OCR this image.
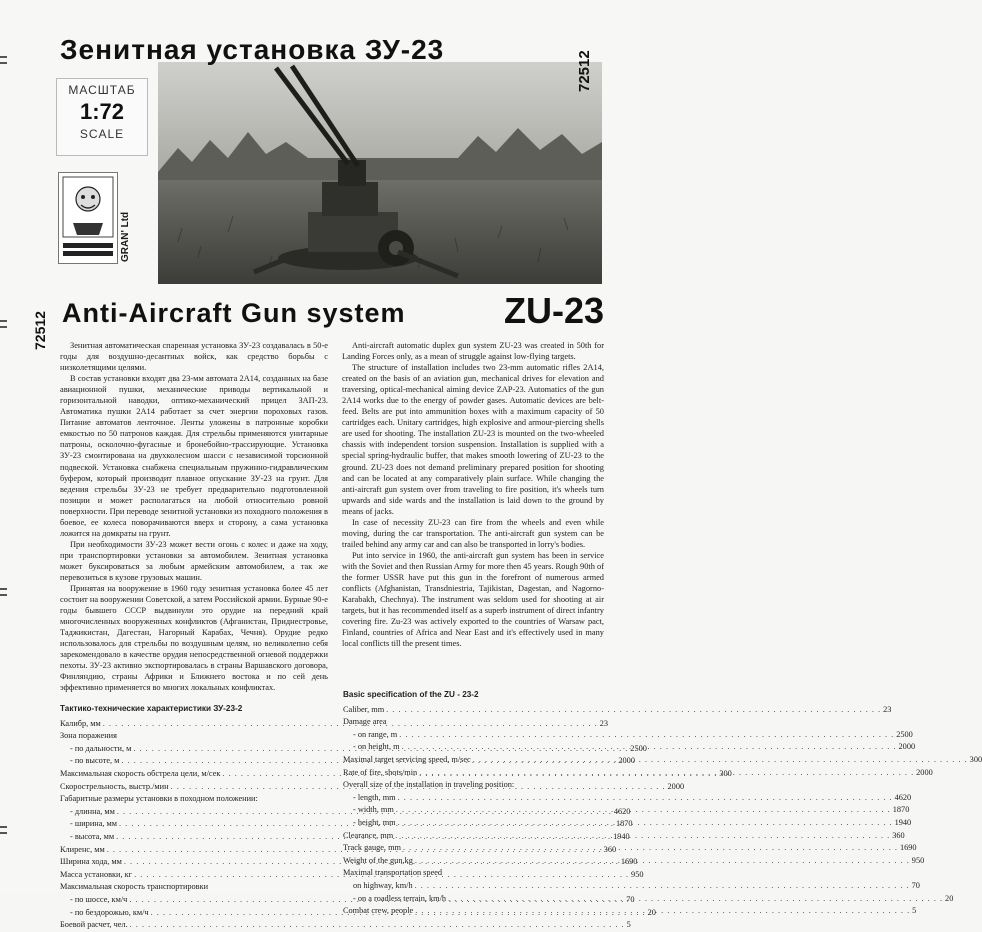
Зенитная установка ЗУ-23
72512
МАСШТАБ
1:72
SCALE
GRAN' Ltd
72512 Anti-Aircraft Gun system	ZU-23

Зенитная автоматическая спаренная установка ЗУ-23 создавалась в 50-е годы для воздушно-десантных войск, как средство борьбы с низколетящими целями.

В состав установки входят два 23-мм автомата 2А14, созданных на базе авиационной пушки, механические приводы вертикальной и горизонтальной наводки, оптико-механический прицел ЗАП-23. Автоматика пушки 2А14 работает за счет энергии пороховых газов. Питание автоматов ленточное. Ленты уложены в патронные коробки емкостью по 50 патронов каждая. Для стрельбы применяются унитарные патроны, осколочно-фугасные и бронебойно-трассирующие. Установка ЗУ-23 смонтирована на двухколесном шасси с независимой торсионной подвеской. Установка снабжена специальным пружинно-гидравлическим буфером, который производит плавное опускание ЗУ-23 на грунт. Для ведения стрельбы ЗУ-23 не требует предварительно подготовленной позиции и может располагаться на любой относительно ровной поверхности. При переводе зенитной установки из походного положения в боевое, ее колеса поворачиваются вверх и сторону, а сама установка ложится на домкраты на грунт.

При необходимости ЗУ-23 может вести огонь с колес и даже на ходу, при транспортировки установки за автомобилем. Зенитная установка может буксироваться за любым армейским автомобилем, а так же перевозиться в кузове грузовых машин.

Принятая на вооружение в 1960 году зенитная установка более 45 лет состоит на вооружении Советской, а затем Российской армии. Бурные 90-е годы бывшего СССР выдвинули это орудие на передний край многочисленных вооруженных конфликтов (Афганистан, Приднестровье, Таджикистан, Дагестан, Нагорный Карабах, Чечня). Орудие редко использовалось для стрельбы по воздушным целям, но великолепно себя зарекомендовало в качестве орудия непосредственной огневой поддержки пехоты. ЗУ-23 активно экспортировалась в страны Варшавского договора, Финляндию, страны Африки и Ближнего востока и по сей день эффективно применяется во многих локальных конфликтах.

Anti-aircraft automatic duplex gun system ZU-23 was created in 50th for Landing Forces only, as a mean of struggle against low-flying targets.

The structure of installation includes two 23-mm automatic rifles 2A14, created on the basis of an aviation gun, mechanical drives for elevation and traversing, optical-mechanical aiming device ZAP-23. Automatics of the gun 2A14 works due to the energy of powder gases. Automatic devices are belt-feed. Belts are put into ammunition boxes with a maximum capacity of 50 cartridges each. Unitary cartridges, high explosive and armour-piercing shells are used for shooting. The installation ZU-23 is mounted on the two-wheeled chassis with independent torsion suspension. Installation is supplied with a special spring-hydraulic buffer, that makes smooth lowering of ZU-23 to the ground. ZU-23 does not demand preliminary prepared position for shooting and can be located at any comparatively plain surface. While changing the anti-aircraft gun system over from traveling to fire position, it's wheels turn upwards and side wards and the installation is laid down to the ground by means of jacks.

In case of necessity ZU-23 can fire from the wheels and even while moving, during the car transportation. The anti-aircraft gun system can be trailed behind any army car and can also be transported in lorry's bodies.

Put into service in 1960, the anti-aircraft gun system has been in service with the Soviet and then Russian Army for more then 45 years. Rough 90th of the former USSR have put this gun in the forefront of numerous armed conflicts (Afghanistan, Transdniestria, Tajikistan, Dagestan, and Nagorno-Karabakh, Chechnya). The instrument was seldom used for shooting at air targets, but it has recommended itself as a superb instrument of direct infantry covering fire. Zu-23 was actively exported to the countries of Warsaw pact, Finland, countries of Africa and Near East and it's effectively used in many local conflicts till the present times.

Тактико-технические характеристики ЗУ-23-2
Калибр, мм . . .	23
Зона поражения
- по дальности, м . . .	2500
- по высоте, м . . .	2000
Максимальная скорость обстрела цели, м/сек . . .	300
Скорострельность, выстр./мин . . .	2000
Габаритные размеры установки в походном положении:
- длинна, мм . . .	4620
- ширина, мм . . .	1870
- высота, мм . . .	1940
Клиренс, мм . . .	360
Ширина хода, мм . . .	1690
Масса установки, кг . . .	950
Максимальная скорость транспортировки
- по шоссе, км/ч . . .	70
- по бездорожью, км/ч . . .	20
Боевой расчет, чел. . . .	5
Basic specification of the ZU - 23-2
Caliber, mm . . .	23
Damage area
- on range, m . . .	2500
- on height, m . . .	2000
Maximal target servicing speed, m/sec . . .	300
Rate of fire, shots/min . . .	2000
Overall size of the installation in traveling position:
- length, mm . . .	4620
- width, mm . . .	1870
- height, mm . . .	1940
Clearance, mm . . .	360
Track gauge, mm . . .	1690
Weight of the gun,kg . . .	950
Maximal transportation speed
on highway, km/h . . .	70
- on a roadless terrain, km/h . . .	20
Combat crew, people . . .	5
